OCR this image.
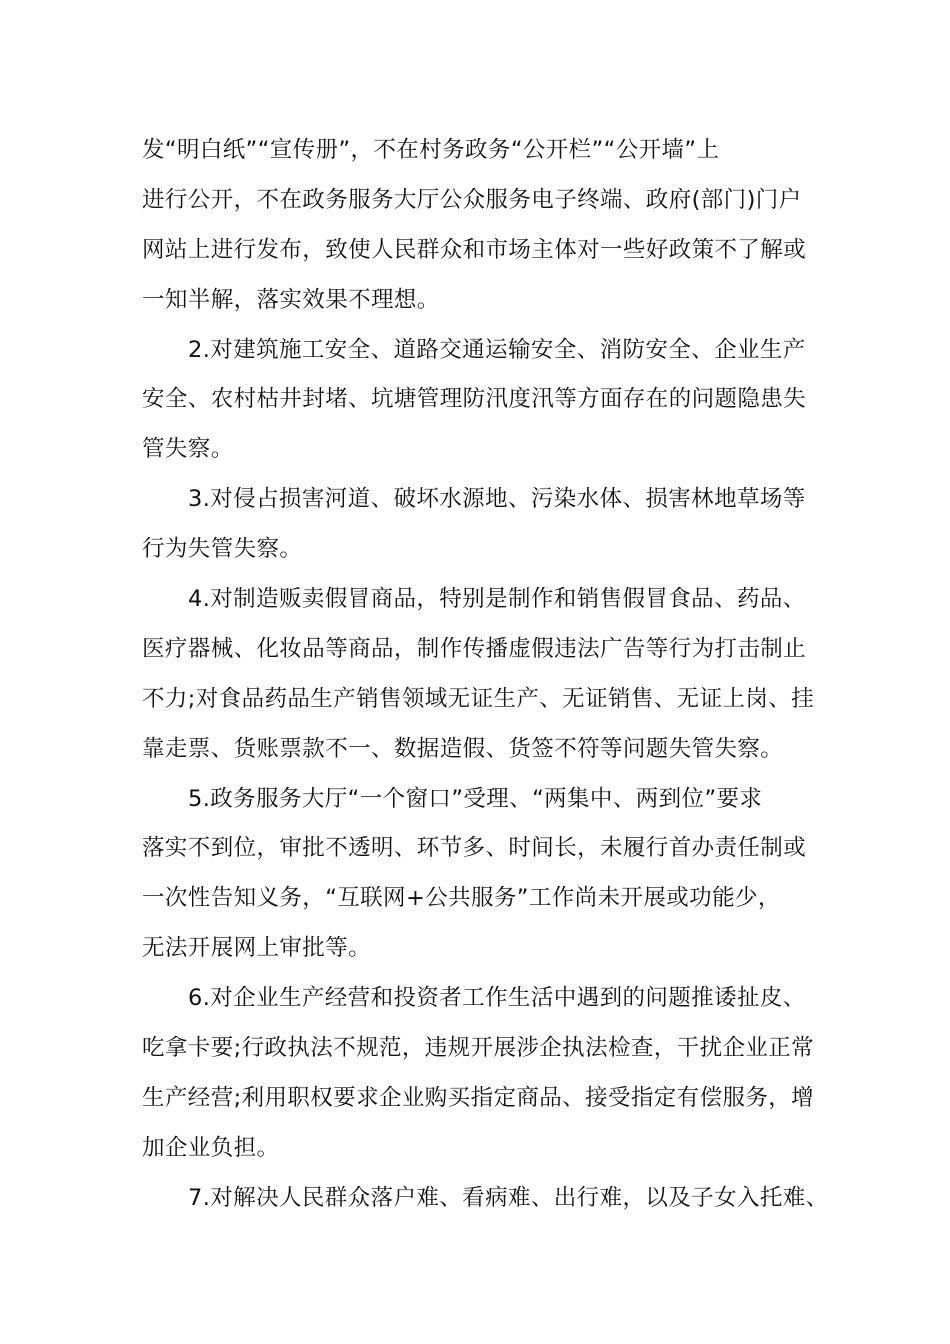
发“明白纸”“宣传册”，不在村务政务“公开栏”“公开墙”上
进行公开，不在政务服务大厅公众服务电子终端、政府(部门)门户
网站上进行发布，致使人民群众和市场主体对一些好政策不了解或
一知半解，落实效果不理想。
2.对建筑施工安全、道路交通运输安全、消防安全、企业生产
安全、农村枯井封堵、坑塘管理防汛度汛等方面存在的问题隐患失
管失察。
3.对侵占损害河道、破坏水源地、污染水体、损害林地草场等
行为失管失察。
4.对制造贩卖假冒商品，特别是制作和销售假冒食品、药品、
医疗器械、化妆品等商品，制作传播虚假违法广告等行为打击制止
不力;对食品药品生产销售领域无证生产、无证销售、无证上岗、挂
靠走票、货账票款不一、数据造假、货签不符等问题失管失察。
5.政务服务大厅“一个窗口”受理、“两集中、两到位”要求
落实不到位，审批不透明、环节多、时间长，未履行首办责任制或
一次性告知义务，“互联网+公共服务”工作尚未开展或功能少，
无法开展网上审批等。
6.对企业生产经营和投资者工作生活中遇到的问题推诿扯皮、
吃拿卡要;行政执法不规范，违规开展涉企执法检查，干扰企业正常
生产经营;利用职权要求企业购买指定商品、接受指定有偿服务，增
加企业负担。
7.对解决人民群众落户难、看病难、出行难，以及子女入托难、
